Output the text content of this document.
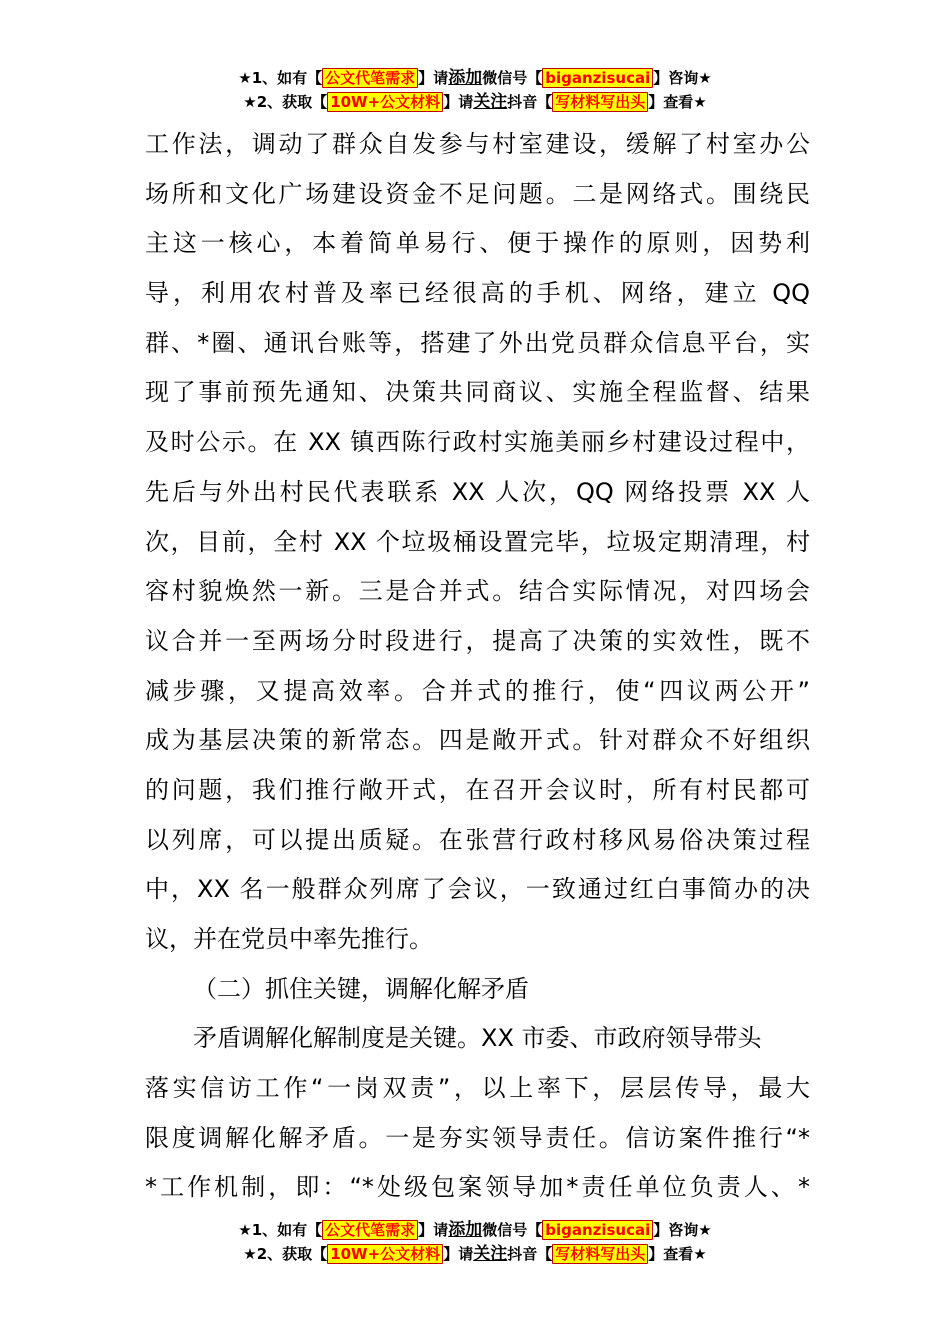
★1、如有【 公文代笔需求 】请添加微信号【 biganzisucai 】咨询★
★2、获取【 10W+公文材料 】请关注抖音【 写材料写出头 】查看★

工作法，调动了群众自发参与村室建设，缓解了村室办公
场所和文化广场建设资金不足问题。二是网络式。围绕民
主这一核心，本着简单易行、便于操作的原则，因势利
导，利用农村普及率已经很高的手机、网络，建立 QQ
群、*圈、通讯台账等，搭建了外出党员群众信息平台，实
现了事前预先通知、决策共同商议、实施全程监督、结果
及时公示。在 XX 镇西陈行政村实施美丽乡村建设过程中，
先后与外出村民代表联系 XX 人次，QQ 网络投票 XX 人
次，目前，全村 XX 个垃圾桶设置完毕，垃圾定期清理，村
容村貌焕然一新。三是合并式。结合实际情况，对四场会
议合并一至两场分时段进行，提高了决策的实效性，既不
减步骤，又提高效率。合并式的推行，使“四议两公开”
成为基层决策的新常态。四是敞开式。针对群众不好组织
的问题，我们推行敞开式，在召开会议时，所有村民都可
以列席，可以提出质疑。在张营行政村移风易俗决策过程
中，XX 名一般群众列席了会议，一致通过红白事简办的决
议，并在党员中率先推行。

（二）抓住关键，调解化解矛盾

矛盾调解化解制度是关键。XX 市委、市政府领导带头
落实信访工作“一岗双责”，以上率下，层层传导，最大
限度调解化解矛盾。一是夯实领导责任。信访案件推行“*
*工作机制，即：“*处级包案领导加*责任单位负责人、*

★1、如有【 公文代笔需求 】请添加微信号【 biganzisucai 】咨询★
★2、获取【 10W+公文材料 】请关注抖音【 写材料写出头 】查看★
